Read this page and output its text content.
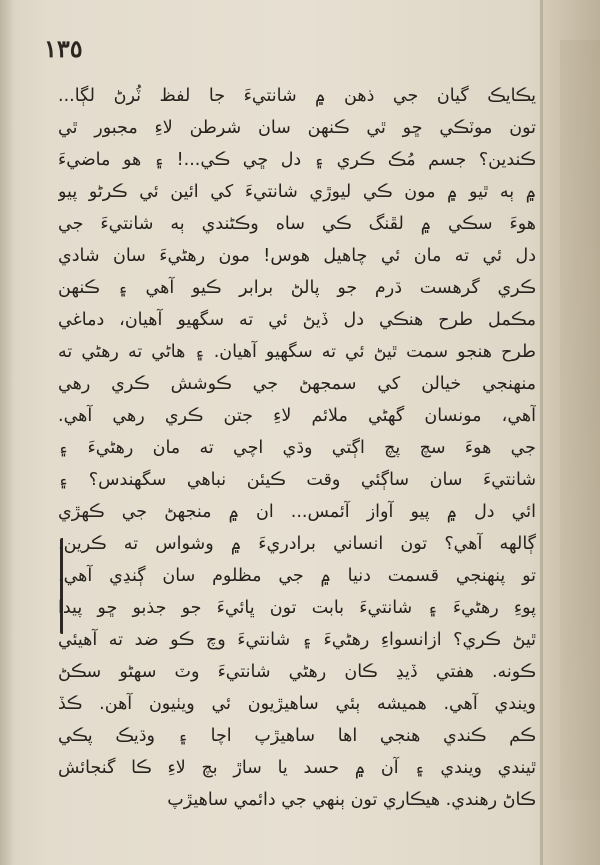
١٣٥
يڪايڪ گيان جي ذهن ۾ شانتيءَ جا لفظ ٽُرڻ لڳا...
تون موٽڪي ڇو ٿي ڪنهن سان شرطن لاءِ مجبور ٿي
ڪندين؟ جسم مُڪ ڪري ۽ دل ڇي ڪي...! ۽ هو ماضيءَ
۾ ٻه ٿيو ۾ مون ڪي ليوڙي شانتيءَ کي ائين ئي ڪرڻو پيو
هوءَ سڪي ۾ لڦنگ ڪي ساه وڪڻندي ٻه شانتيءَ جي
دل ئي ته مان ئي چاهيل هوس! مون رهڻيءَ سان شادي
ڪري گرهست ڌرم جو پالڻ برابر ڪيو آهي ۽ ڪنهن
مڪمل طرح هنڪي دل ڏيڻ ئي ته سگهيو آهيان، دماغي
طرح هنجو سمت ٿيڻ ئي ته سگهيو آهيان. ۽ هاڻي ته رهڻي ته
منهنجي خيالن کي سمجهڻ جي ڪوشش ڪري رهي
آهي، مونسان گهڻي ملائم لاءِ جتن ڪري رهي آهي.
جي هوءَ سچ پچ اڳتي وڌي اچي ته مان رهڻيءَ ۽
شانتيءَ سان ساڳئي وقت ڪيئن نباهي سگهندس؟ ۽
ائي دل ۾ پيو آواز آئمس... ان ۾ منجهڻ جي ڪهڙي
ڳالهه آهي؟ تون انساني برادريءَ ۾ وشواس ته ڪرين.
تو پنهنجي قسمت دنيا ۾ جي مظلوم سان ڳنڍي آهي.
پوءِ رهڻيءَ ۽ شانتيءَ بابت تون ڀائيءَ جو جذبو ڇو پيدا
ٿيڻ ڪري؟ ازانسواءِ رهڻيءَ ۽ شانتيءَ وچ ڪو ضد ته آهيئي
ڪونه. هفتي ڏيڍ ڪان رهڻي شانتيءَ وٽ سهڻو سڪڻ
ويندي آهي. هميشه ٻئي ساهيڙيون ئي ويٺيون آهن. ڪڏ
ڪم ڪندي هنجي اها ساهيڙپ اچا ۽ وڌيڪ پڪي
ٿيندي ويندي ۽ آن ۾ حسد يا ساڙ بچ لاءِ ڪا گنجائش
ڪاڻ رهندي. هيڪاري تون ٻنهي جي دائمي ساهيڙپ
